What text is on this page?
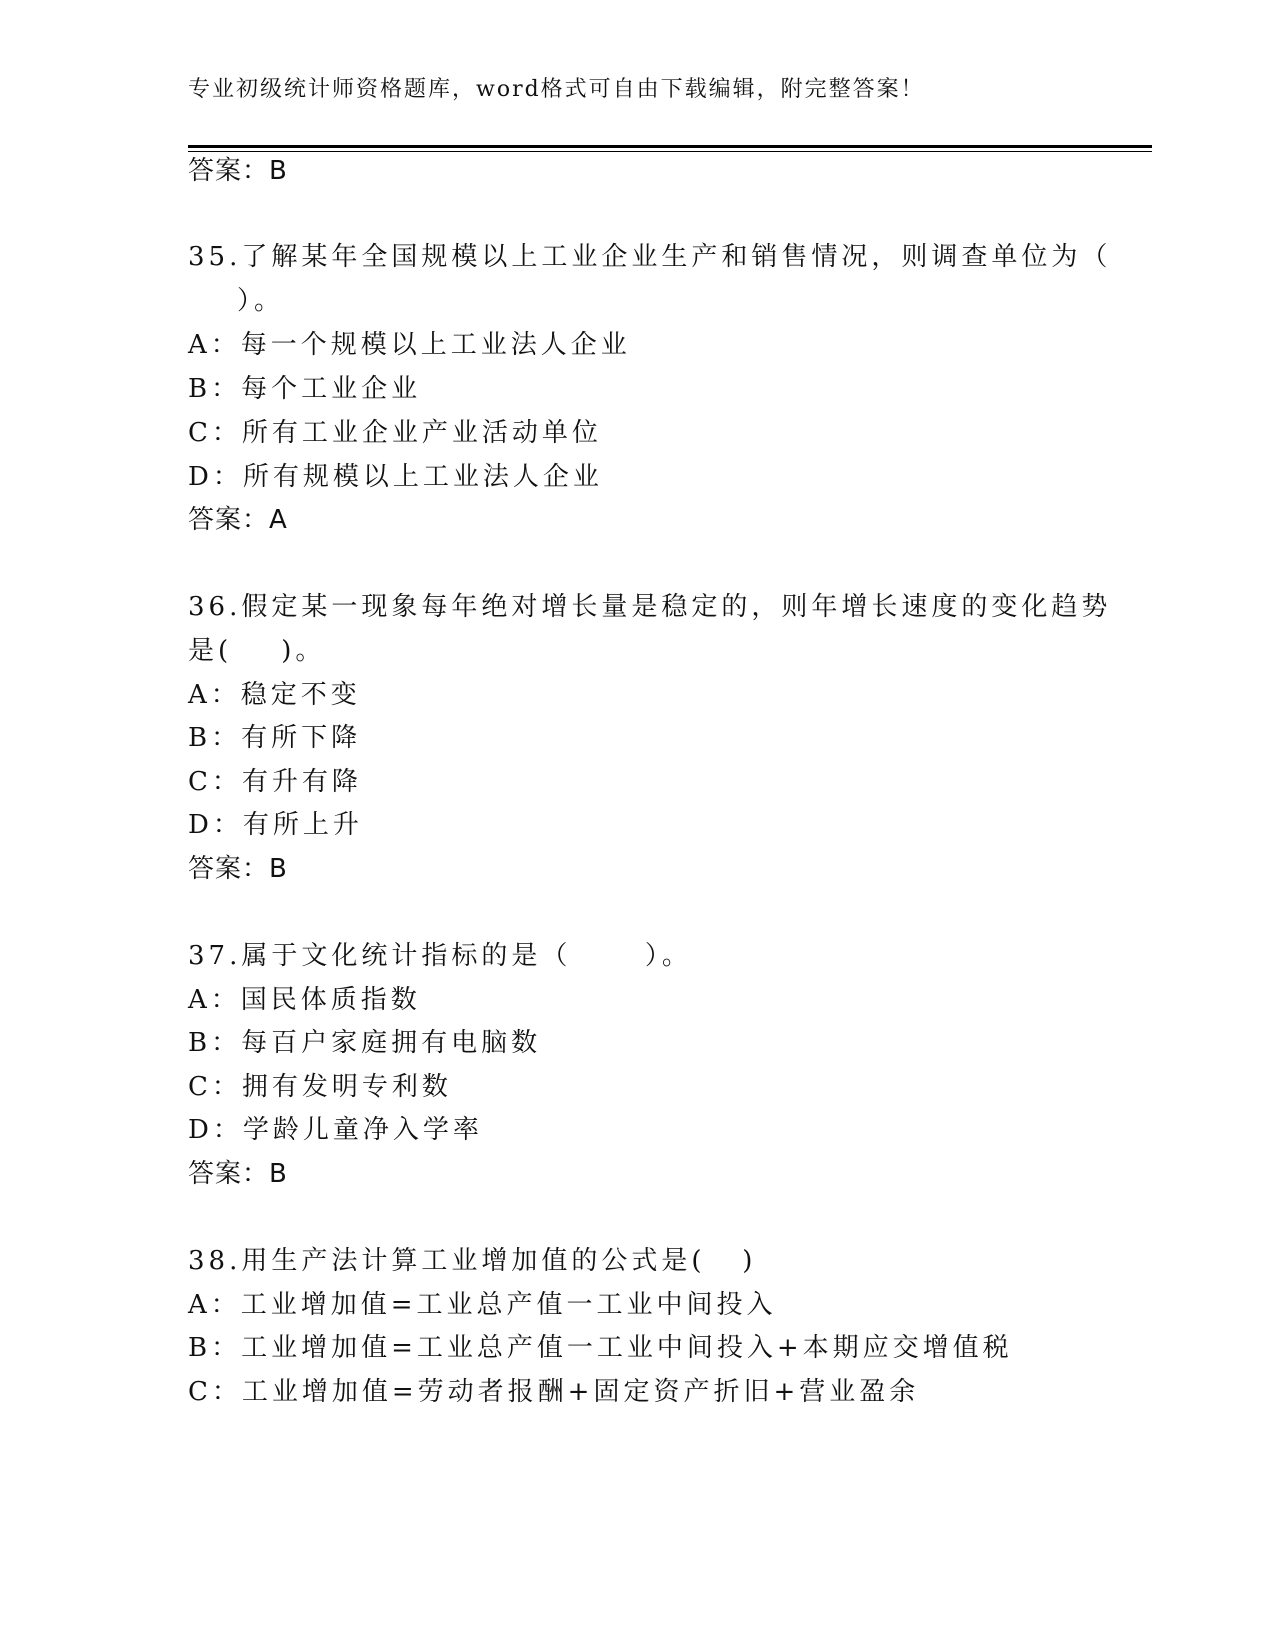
专业初级统计师资格题库，word格式可自由下载编辑，附完整答案！
答案：B
35.了解某年全国规模以上工业企业生产和销售情况，则调查单位为（
）。
A：每一个规模以上工业法人企业
B：每个工业企业
C：所有工业企业产业活动单位
D：所有规模以上工业法人企业
答案：A
36.假定某一现象每年绝对增长量是稳定的，则年增长速度的变化趋势
是(    )。
A：稳定不变
B：有所下降
C：有升有降
D：有所上升
答案：B
37.属于文化统计指标的是（      ）。
A：国民体质指数
B：每百户家庭拥有电脑数
C：拥有发明专利数
D：学龄儿童净入学率
答案：B
38.用生产法计算工业增加值的公式是(   )
A：工业增加值=工业总产值一工业中间投入
B：工业增加值=工业总产值一工业中间投入+本期应交增值税
C：工业增加值=劳动者报酬+固定资产折旧+营业盈余
